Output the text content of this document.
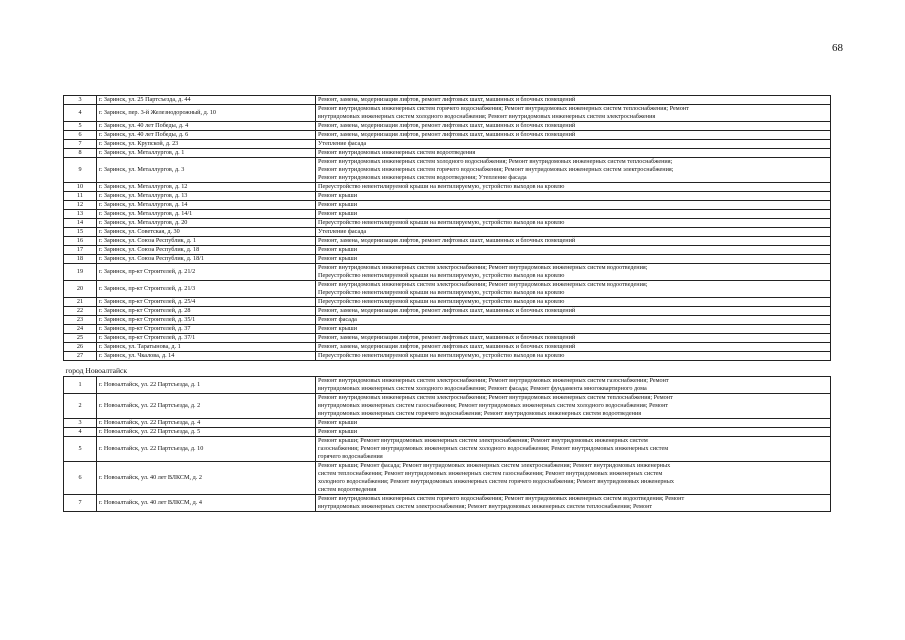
68
3	г. Заринск, ул. 25 Партсъезда, д. 44	Ремонт, замена, модернизация лифтов, ремонт лифтовых шахт, машинных и блочных помещений

4	г. Заринск, пер. 3-й Железнодорожный, д. 10	Ремонт внутридомовых инженерных систем горячего водоснабжения; Ремонт внутридомовых инженерных систем теплоснабжения; Ремонт
внутридомовых инженерных систем холодного водоснабжения; Ремонт внутридомовых инженерных систем электроснабжения

5	г. Заринск, ул. 40 лет Победы, д. 4	Ремонт, замена, модернизация лифтов, ремонт лифтовых шахт, машинных и блочных помещений

6	г. Заринск, ул. 40 лет Победы, д. 6	Ремонт, замена, модернизация лифтов, ремонт лифтовых шахт, машинных и блочных помещений

7	г. Заринск, ул. Крупской, д. 23	Утепление фасада

8	г. Заринск, ул. Металлургов, д. 1	Ремонт внутридомовых инженерных систем водоотведения

9	г. Заринск, ул. Металлургов, д. 3	Ремонт внутридомовых инженерных систем холодного водоснабжения; Ремонт внутридомовых инженерных систем теплоснабжения;
Ремонт внутридомовых инженерных систем горячего водоснабжения; Ремонт внутридомовых инженерных систем электроснабжения;
Ремонт внутридомовых инженерных систем водоотведения; Утепление фасада

10	г. Заринск, ул. Металлургов, д. 12	Переустройство невентилируемой крыши на вентилируемую, устройство выходов на кровлю

11	г. Заринск, ул. Металлургов, д. 13	Ремонт крыши

12	г. Заринск, ул. Металлургов, д. 14	Ремонт крыши

13	г. Заринск, ул. Металлургов, д. 14/1	Ремонт крыши

14	г. Заринск, ул. Металлургов, д. 20	Переустройство невентилируемой крыши на вентилируемую, устройство выходов на кровлю

15	г. Заринск, ул. Советская, д. 30	Утепление фасада

16	г. Заринск, ул. Союза Республик, д. 1	Ремонт, замена, модернизация лифтов, ремонт лифтовых шахт, машинных и блочных помещений

17	г. Заринск, ул. Союза Республик, д. 18	Ремонт крыши

18	г. Заринск, ул. Союза Республик, д. 18/1	Ремонт крыши

19	г. Заринск, пр-кт Строителей, д. 21/2	Ремонт внутридомовых инженерных систем электроснабжения; Ремонт внутридомовых инженерных систем водоотведения;
Переустройство невентилируемой крыши на вентилируемую, устройство выходов на кровлю

20	г. Заринск, пр-кт Строителей, д. 21/3	Ремонт внутридомовых инженерных систем электроснабжения; Ремонт внутридомовых инженерных систем водоотведения;
Переустройство невентилируемой крыши на вентилируемую, устройство выходов на кровлю

21	г. Заринск, пр-кт Строителей, д. 25/4	Переустройство невентилируемой крыши на вентилируемую, устройство выходов на кровлю

22	г. Заринск, пр-кт Строителей, д. 28	Ремонт, замена, модернизация лифтов, ремонт лифтовых шахт, машинных и блочных помещений

23	г. Заринск, пр-кт Строителей, д. 35/1	Ремонт фасада

24	г. Заринск, пр-кт Строителей, д. 37	Ремонт крыши

25	г. Заринск, пр-кт Строителей, д. 37/1	Ремонт, замена, модернизация лифтов, ремонт лифтовых шахт, машинных и блочных помещений

26	г. Заринск, ул. Таратынова, д. 1	Ремонт, замена, модернизация лифтов, ремонт лифтовых шахт, машинных и блочных помещений

27	г. Заринск, ул. Чкалова, д. 14	Переустройство невентилируемой крыши на вентилируемую, устройство выходов на кровлю

город Новоалтайск		
1	г. Новоалтайск, ул. 22 Партсъезда, д. 1	Ремонт внутридомовых инженерных систем электроснабжения; Ремонт внутридомовых инженерных систем газоснабжения; Ремонт
внутридомовых инженерных систем холодного водоснабжения; Ремонт фасада; Ремонт фундамента многоквартирного дома

2	г. Новоалтайск, ул. 22 Партсъезда, д. 2	Ремонт внутридомовых инженерных систем электроснабжения; Ремонт внутридомовых инженерных систем теплоснабжения; Ремонт
внутридомовых инженерных систем газоснабжения; Ремонт внутридомовых инженерных систем холодного водоснабжения; Ремонт
внутридомовых инженерных систем горячего водоснабжения; Ремонт внутридомовых инженерных систем водоотведения

3	г. Новоалтайск, ул. 22 Партсъезда, д. 4	Ремонт крыши

4	г. Новоалтайск, ул. 22 Партсъезда, д. 5	Ремонт крыши

5	г. Новоалтайск, ул. 22 Партсъезда, д. 10	Ремонт крыши; Ремонт внутридомовых инженерных систем электроснабжения; Ремонт внутридомовых инженерных систем
газоснабжения; Ремонт внутридомовых инженерных систем холодного водоснабжения; Ремонт внутридомовых инженерных систем
горячего водоснабжения

6	г. Новоалтайск, ул. 40 лет ВЛКСМ, д. 2	Ремонт крыши; Ремонт фасада; Ремонт внутридомовых инженерных систем электроснабжения; Ремонт внутридомовых инженерных
систем теплоснабжения; Ремонт внутридомовых инженерных систем газоснабжения; Ремонт внутридомовых инженерных систем
холодного водоснабжения; Ремонт внутридомовых инженерных систем горячего водоснабжения; Ремонт внутридомовых инженерных
систем водоотведения

7	г. Новоалтайск, ул. 40 лет ВЛКСМ, д. 4	Ремонт внутридомовых инженерных систем горячего водоснабжения; Ремонт внутридомовых инженерных систем водоотведения; Ремонт
внутридомовых инженерных систем электроснабжения; Ремонт внутридомовых инженерных систем теплоснабжения; Ремонт
